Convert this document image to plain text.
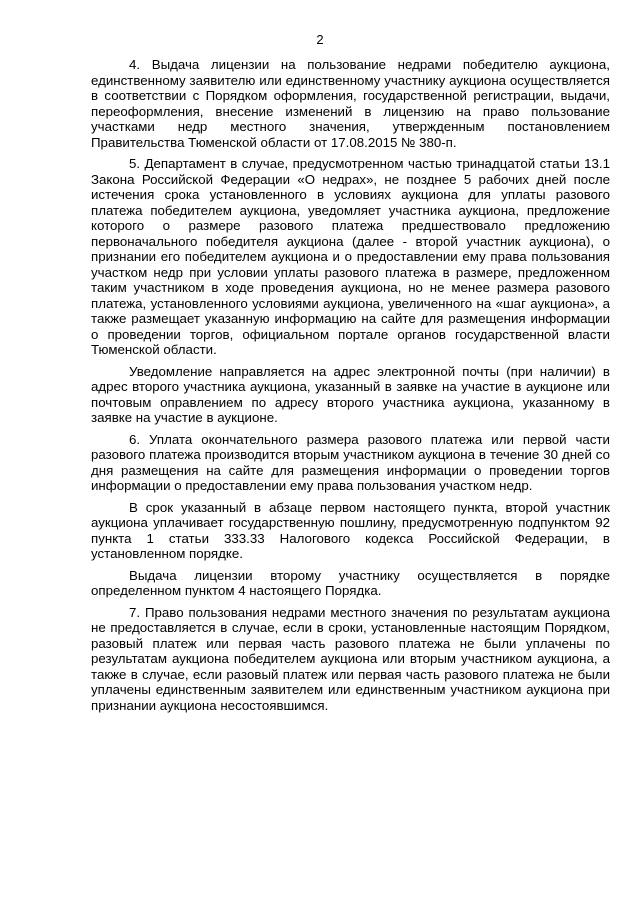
2

4. Выдача лицензии на пользование недрами победителю аукциона, единственному заявителю или единственному участнику аукциона осуществляется в соответствии с Порядком оформления, государственной регистрации, выдачи, переоформления, внесение изменений в лицензию на право пользование участками недр местного значения, утвержденным постановлением Правительства Тюменской области от 17.08.2015 № 380-п.

5. Департамент в случае, предусмотренном частью тринадцатой статьи 13.1 Закона Российской Федерации «О недрах», не позднее 5 рабочих дней после истечения срока установленного в условиях аукциона для уплаты разового платежа победителем аукциона, уведомляет участника аукциона, предложение которого о размере разового платежа предшествовало предложению первоначального победителя аукциона (далее - второй участник аукциона), о признании его победителем аукциона и о предоставлении ему права пользования участком недр при условии уплаты разового платежа в размере, предложенном таким участником в ходе проведения аукциона, но не менее размера разового платежа, установленного условиями аукциона, увеличенного на «шаг аукциона», а также размещает указанную информацию на сайте для размещения информации о проведении торгов, официальном портале органов государственной власти Тюменской области.

Уведомление направляется на адрес электронной почты (при наличии) в адрес второго участника аукциона, указанный в заявке на участие в аукционе или почтовым оправлением по адресу второго участника аукциона, указанному в заявке на участие в аукционе.

6. Уплата окончательного размера разового платежа или первой части разового платежа производится вторым участником аукциона в течение 30 дней со дня размещения на сайте для размещения информации о проведении торгов информации о предоставлении ему права пользования участком недр.

В срок указанный в абзаце первом настоящего пункта, второй участник аукциона уплачивает государственную пошлину, предусмотренную подпунктом 92 пункта 1 статьи 333.33 Налогового кодекса Российской Федерации, в установленном порядке.

Выдача лицензии второму участнику осуществляется в порядке определенном пунктом 4 настоящего Порядка.

7. Право пользования недрами местного значения по результатам аукциона не предоставляется в случае, если в сроки, установленные настоящим Порядком, разовый платеж или первая часть разового платежа не были уплачены по результатам аукциона победителем аукциона или вторым участником аукциона, а также в случае, если разовый платеж или первая часть разового платежа не были уплачены единственным заявителем или единственным участником аукциона при признании аукциона несостоявшимся.
